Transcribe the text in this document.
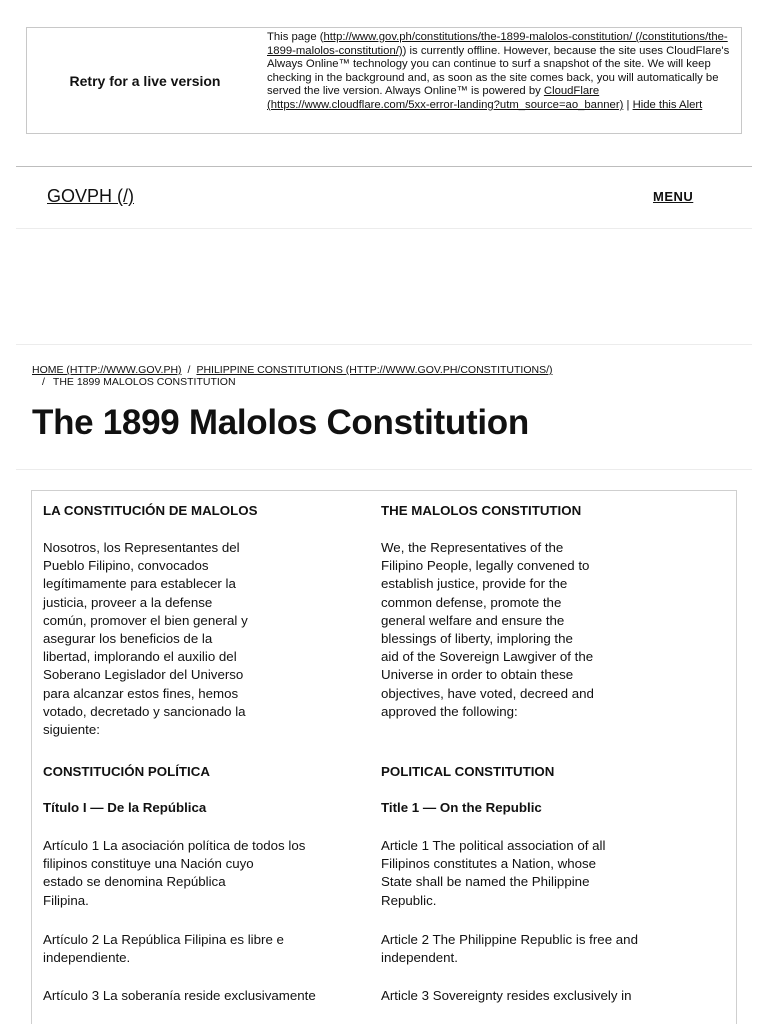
Retry for a live version
This page (http://www.gov.ph/constitutions/the-1899-malolos-constitution/ (/constitutions/the-1899-malolos-constitution/)) is currently offline. However, because the site uses CloudFlare's Always Online™ technology you can continue to surf a snapshot of the site. We will keep checking in the background and, as soon as the site comes back, you will automatically be served the live version. Always Online™ is powered by CloudFlare (https://www.cloudflare.com/5xx-error-landing?utm_source=ao_banner) | Hide this Alert
GOVPH (/)	MENU
HOME (HTTP://WWW.GOV.PH) / PHILIPPINE CONSTITUTIONS (HTTP://WWW.GOV.PH/CONSTITUTIONS/)
/ THE 1899 MALOLOS CONSTITUTION
The 1899 Malolos Constitution
LA CONSTITUCIÓN DE MALOLOS
Nosotros, los Representantes del
Pueblo Filipino, convocados
legítimamente para establecer la
justicia, proveer a la defense
común, promover el bien general y
asegurar los beneficios de la
libertad, implorando el auxilio del
Soberano Legislador del Universo
para alcanzar estos fines, hemos
votado, decretado y sancionado la
siguiente:
CONSTITUCIÓN POLÍTICA
Título I — De la República
Artículo 1 La asociación política de todos los
filipinos constituye una Nación cuyo
estado se denomina República
Filipina.
Artículo 2 La República Filipina es libre e
independiente.
Artículo 3 La soberanía reside exclusivamente
THE MALOLOS CONSTITUTION
We, the Representatives of the
Filipino People, legally convened to
establish justice, provide for the
common defense, promote the
general welfare and ensure the
blessings of liberty, imploring the
aid of the Sovereign Lawgiver of the
Universe in order to obtain these
objectives, have voted, decreed and
approved the following:
POLITICAL CONSTITUTION
Title 1 — On the Republic
Article 1 The political association of all
Filipinos constitutes a Nation, whose
State shall be named the Philippine
Republic.
Article 2 The Philippine Republic is free and
independent.
Article 3 Sovereignty resides exclusively in
